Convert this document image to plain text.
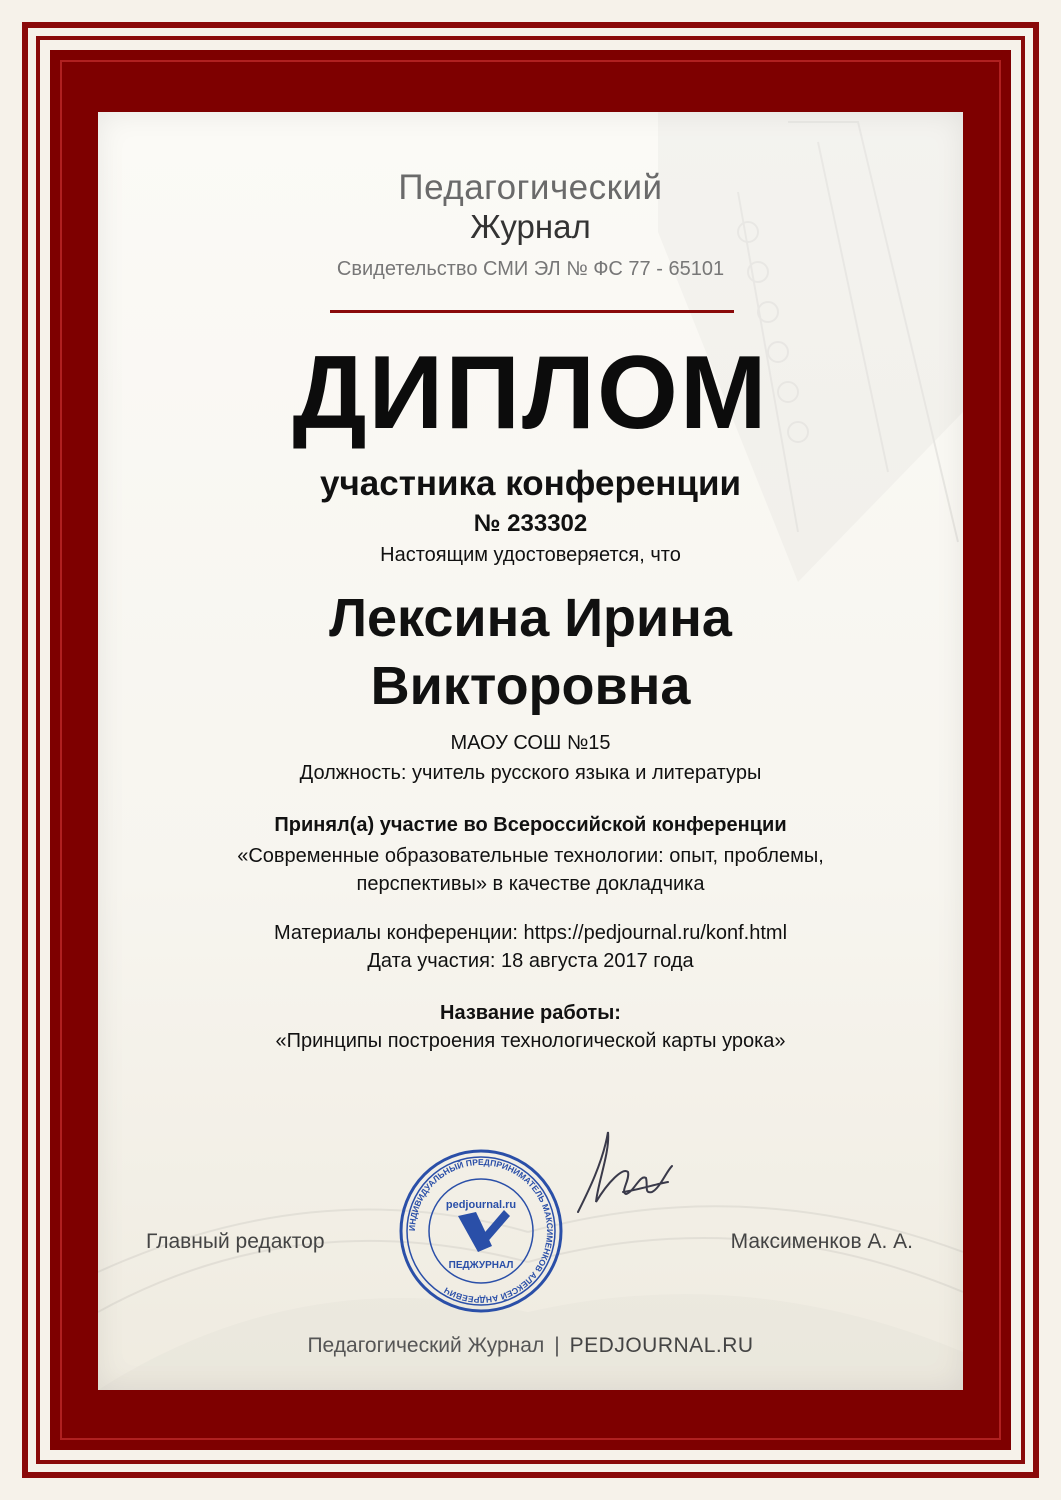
Педагогический
Журнал
Свидетельство СМИ ЭЛ № ФС 77 - 65101
ДИПЛОМ
участника конференции
№ 233302
Настоящим удостоверяется, что
Лексина Ирина
Викторовна
МАОУ СОШ №15
Должность: учитель русского языка и литературы
Принял(а) участие во Всероссийской конференции
«Современные образовательные технологии: опыт, проблемы, перспективы» в качестве докладчика
Материалы конференции: https://pedjournal.ru/konf.html
Дата участия: 18 августа 2017 года
Название работы:
«Принципы построения технологической карты урока»
Главный редактор	Максименков А. А.
ИНДИВИДУАЛЬНЫЙ ПРЕДПРИНИМАТЕЛЬ МАКСИМЕНКОВ АЛЕКСЕЙ АНДРЕЕВИЧ
pedjournal.ru
ПЕДЖУРНАЛ
Педагогический Журнал | PEDJOURNAL.RU
